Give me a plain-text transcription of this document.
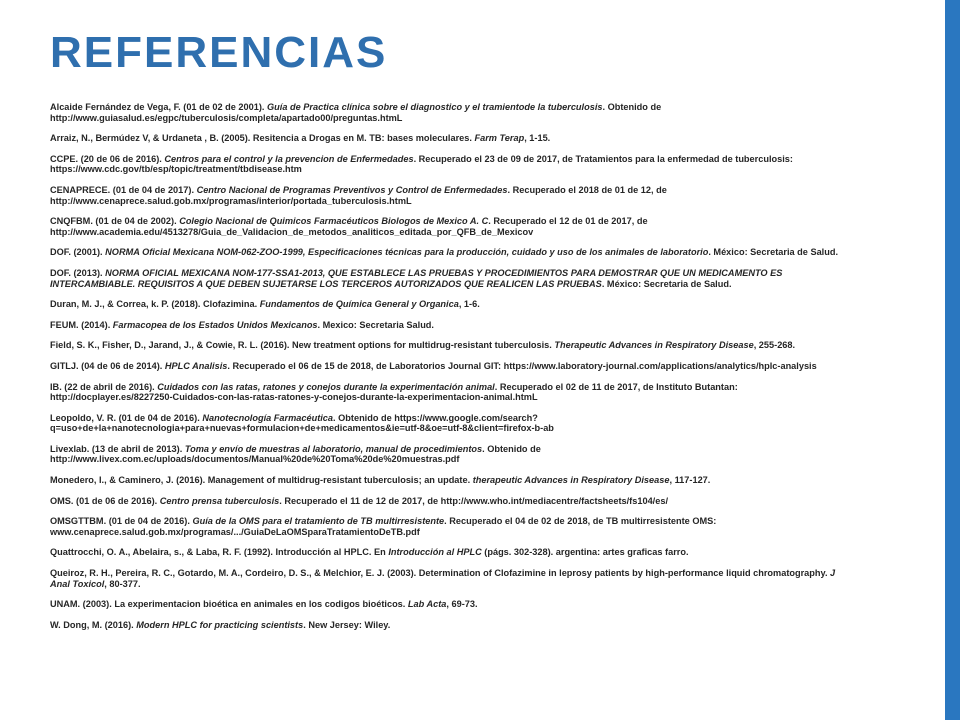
REFERENCIAS

Alcaide Fernández de Vega, F. (01 de 02 de 2001). Guía de Practica clínica sobre el diagnostico y el tramientode la tuberculosis. Obtenido de http://www.guiasalud.es/egpc/tuberculosis/completa/apartado00/preguntas.htmL

Arraiz, N., Bermúdez V, & Urdaneta , B. (2005). Resitencia a Drogas en M. TB: bases moleculares. Farm Terap, 1-15.

CCPE. (20 de 06 de 2016). Centros para el control y la prevencion de Enfermedades. Recuperado el 23 de 09 de 2017, de Tratamientos para la enfermedad de tuberculosis: https://www.cdc.gov/tb/esp/topic/treatment/tbdisease.htm

CENAPRECE. (01 de 04 de 2017). Centro Nacional de Programas Preventivos y Control de Enfermedades. Recuperado el 2018 de 01 de 12, de http://www.cenaprece.salud.gob.mx/programas/interior/portada_tuberculosis.htmL

CNQFBM. (01 de 04 de 2002). Colegio Nacional de Quimicos Farmacéuticos Biologos de Mexico A. C. Recuperado el 12 de 01 de 2017, de http://www.academia.edu/4513278/Guia_de_Validacion_de_metodos_analiticos_editada_por_QFB_de_Mexicov

DOF. (2001). NORMA Oficial Mexicana NOM-062-ZOO-1999, Especificaciones técnicas para la producción, cuidado y uso de los animales de laboratorio. México: Secretaria de Salud.

DOF. (2013). NORMA OFICIAL MEXICANA NOM-177-SSA1-2013, QUE ESTABLECE LAS PRUEBAS Y PROCEDIMIENTOS PARA DEMOSTRAR QUE UN MEDICAMENTO ES INTERCAMBIABLE. REQUISITOS A QUE DEBEN SUJETARSE LOS TERCEROS AUTORIZADOS QUE REALICEN LAS PRUEBAS. México: Secretaria de Salud.

Duran, M. J., & Correa, k. P. (2018). Clofazimina. Fundamentos de Química General y Organica, 1-6.

FEUM. (2014). Farmacopea de los Estados Unidos Mexicanos. Mexico: Secretaria Salud.

Field, S. K., Fisher, D., Jarand, J., & Cowie, R. L. (2016). New treatment options for multidrug-resistant tuberculosis. Therapeutic Advances in Respiratory Disease, 255-268.

GITLJ. (04 de 06 de 2014). HPLC Analisis. Recuperado el 06 de 15 de 2018, de Laboratorios Journal GIT: https://www.laboratory-journal.com/applications/analytics/hplc-analysis

IB. (22 de abril de 2016). Cuidados con las ratas, ratones y conejos durante la experimentación animal. Recuperado el 02 de 11 de 2017, de Instituto Butantan: http://docplayer.es/8227250-Cuidados-con-las-ratas-ratones-y-conejos-durante-la-experimentacion-animal.htmL

Leopoldo, V. R. (01 de 04 de 2016). Nanotecnología Farmacéutica. Obtenido de https://www.google.com/search?q=uso+de+la+nanotecnologia+para+nuevas+formulacion+de+medicamentos&ie=utf-8&oe=utf-8&client=firefox-b-ab

Livexlab. (13 de abril de 2013). Toma y envío de muestras al laboratorio, manual de procedimientos. Obtenido de http://www.livex.com.ec/uploads/documentos/Manual%20de%20Toma%20de%20muestras.pdf

Monedero, I., & Caminero, J. (2016). Management of multidrug-resistant tuberculosis; an update. therapeutic Advances in Respiratory Disease, 117-127.

OMS. (01 de 06 de 2016). Centro prensa tuberculosis. Recuperado el 11 de 12 de 2017, de http://www.who.int/mediacentre/factsheets/fs104/es/

OMSGTTBM. (01 de 04 de 2016). Guía de la OMS para el tratamiento de TB multirresistente. Recuperado el 04 de 02 de 2018, de TB multirresistente OMS: www.cenaprece.salud.gob.mx/programas/.../GuiaDeLaOMSparaTratamientoDeTB.pdf

Quattrocchi, O. A., Abelaira, s., & Laba, R. F. (1992). Introducción al HPLC. En Introducción al HPLC (págs. 302-328). argentina: artes graficas farro.

Queiroz, R. H., Pereira, R. C., Gotardo, M. A., Cordeiro, D. S., & Melchior, E. J. (2003). Determination of Clofazimine in leprosy patients by high-performance liquid chromatography. J Anal Toxicol, 80-377.

UNAM. (2003). La experimentacion bioética en animales en los codigos bioéticos. Lab Acta, 69-73.

W. Dong, M. (2016). Modern HPLC for practicing scientists. New Jersey: Wiley.
